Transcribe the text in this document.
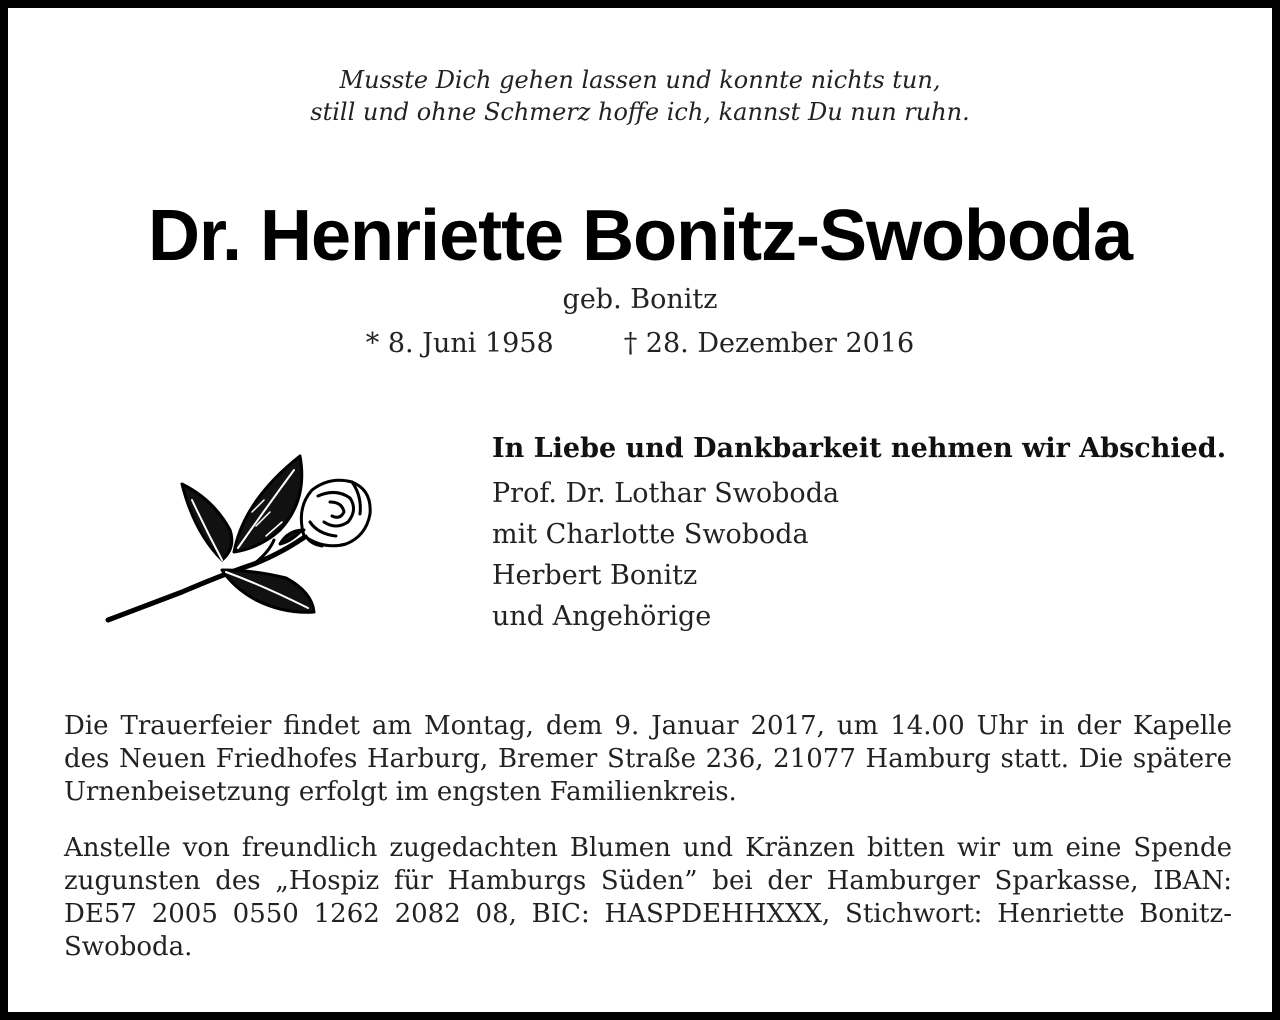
Musste Dich gehen lassen und konnte nichts tun,
still und ohne Schmerz hoffe ich, kannst Du nun ruhn.
Dr. Henriette Bonitz-Swoboda
geb. Bonitz
* 8. Juni 1958	† 28. Dezember 2016
In Liebe und Dankbarkeit nehmen wir Abschied.
Prof. Dr. Lothar Swoboda
mit Charlotte Swoboda
Herbert Bonitz
und Angehörige
Die Trauerfeier findet am Montag, dem 9. Januar 2017, um 14.00 Uhr in der Kapelle des Neuen Friedhofes Harburg, Bremer Straße 236, 21077 Hamburg statt. Die spätere Urnenbeisetzung erfolgt im engsten Familienkreis.
Anstelle von freundlich zugedachten Blumen und Kränzen bitten wir um eine Spende zugunsten des „Hospiz für Hamburgs Süden” bei der Hamburger Sparkasse, IBAN: DE57 2005 0550 1262 2082 08, BIC: HASPDEHHXXX, Stichwort: Henriette Bonitz-Swoboda.
